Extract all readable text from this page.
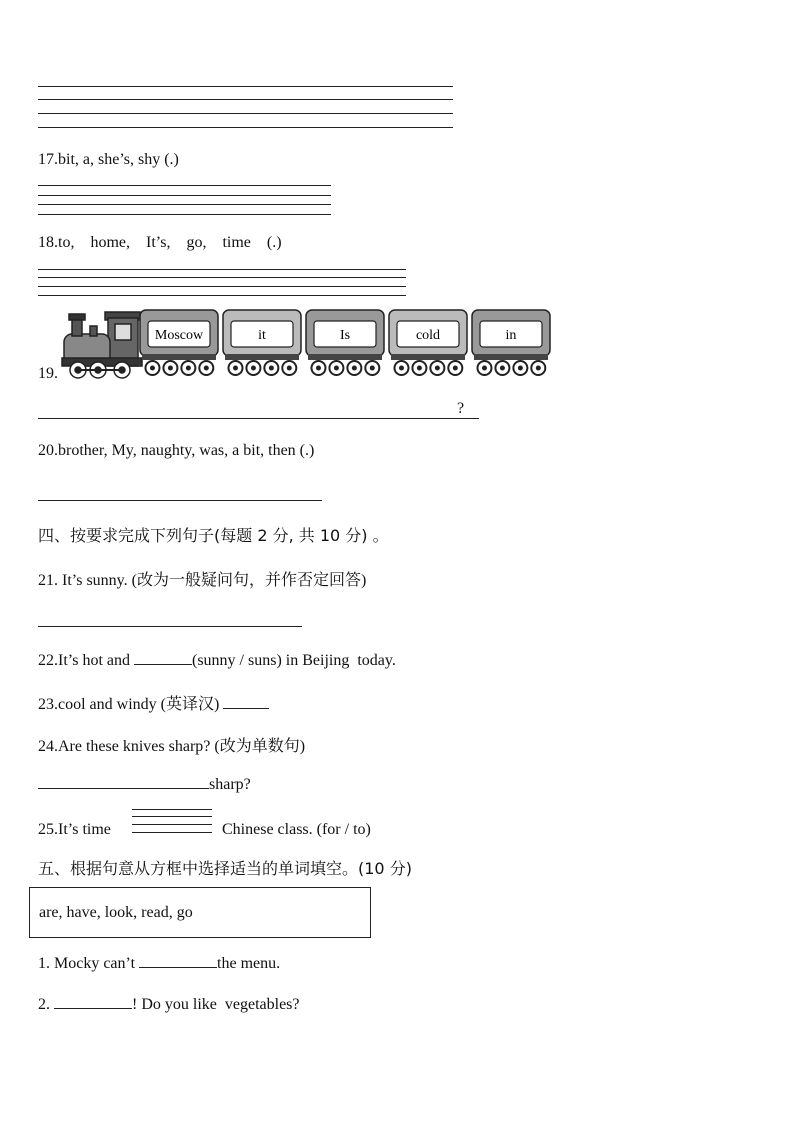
17.bit, a, she’s, shy (.)
18.to,    home,    It’s,    go,    time    (.)
19.
Moscow	it	Is	cold	in
?
20.brother, My, naughty, was, a bit, then (.)
四、按要求完成下列句子(每题 2 分, 共 10 分) 。
21. It’s sunny. (改为一般疑问句，并作否定回答)
22.It’s hot and	(sunny / suns) in Beijing  today.
23.cool and windy (英译汉)
24.Are these knives sharp? (改为单数句)
sharp?
25.It’s time	Chinese class. (for / to)
五、根据句意从方框中选择适当的单词填空。(10 分)
are, have, look, read, go
1. Mocky can’t	the menu.
2.	! Do you like  vegetables?
